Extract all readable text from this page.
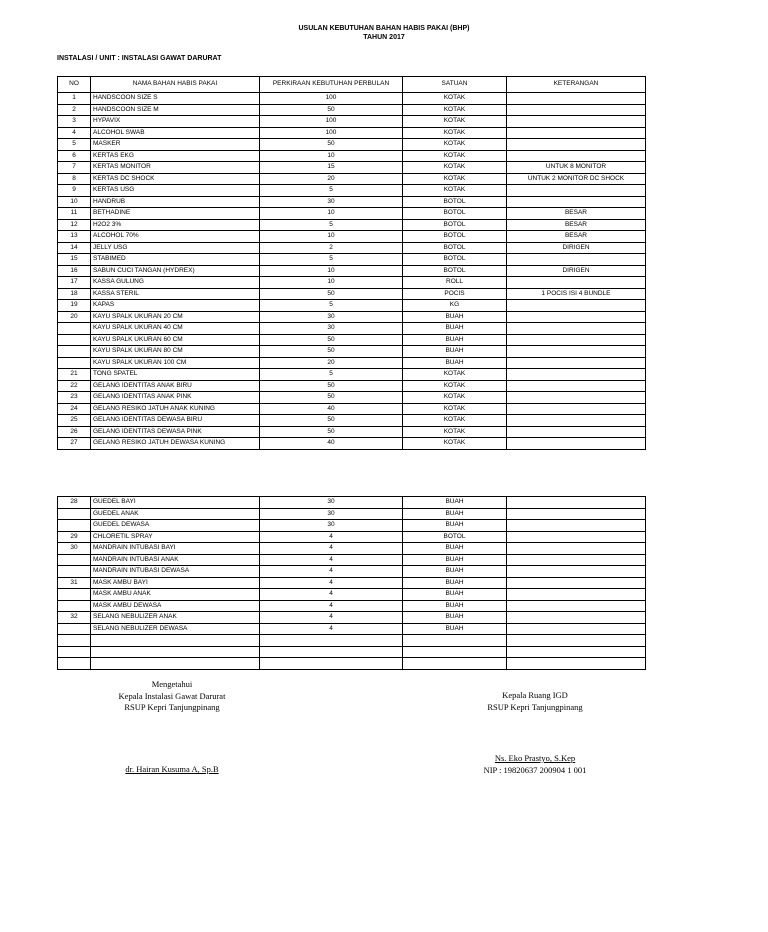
USULAN KEBUTUHAN BAHAN HABIS PAKAI (BHP)
TAHUN 2017
INSTALASI / UNIT : INSTALASI GAWAT DARURAT
NO	NAMA BAHAN HABIS PAKAI	PERKIRAAN KEBUTUHAN PERBULAN	SATUAN	KETERANGAN
1	HANDSCOON SIZE S	100	KOTAK	
2	HANDSCOON SIZE M	50	KOTAK	
3	HYPAVIX	100	KOTAK	
4	ALCOHOL SWAB	100	KOTAK	
5	MASKER	50	KOTAK	
6	KERTAS EKG	10	KOTAK	
7	KERTAS MONITOR	15	KOTAK	UNTUK 8 MONITOR
8	KERTAS DC SHOCK	20	KOTAK	UNTUK 2 MONITOR DC SHOCK
9	KERTAS USG	5	KOTAK	
10	HANDRUB	30	BOTOL	
11	BETHADINE	10	BOTOL	BESAR
12	H2O2 3%	5	BOTOL	BESAR
13	ALCOHOL 70%	10	BOTOL	BESAR
14	JELLY USG	2	BOTOL	DIRIGEN
15	STABIMED	5	BOTOL	
16	SABUN CUCI TANGAN (HYDREX)	10	BOTOL	DIRIGEN
17	KASSA GULUNG	10	ROLL	
18	KASSA STERIL	50	POCIS	1 POCIS ISI 4 BUNDLE
19	KAPAS	5	KG	
20	KAYU SPALK UKURAN 20 CM	30	BUAH	
	KAYU SPALK UKURAN 40 CM	30	BUAH	
	KAYU SPALK UKURAN 60 CM	50	BUAH	
	KAYU SPALK UKURAN 80 CM	50	BUAH	
	KAYU SPALK UKURAN 100 CM	20	BUAH	
21	TONG SPATEL	5	KOTAK	
22	GELANG IDENTITAS ANAK BIRU	50	KOTAK	
23	GELANG IDENTITAS ANAK PINK	50	KOTAK	
24	GELANG RESIKO JATUH ANAK KUNING	40	KOTAK	
25	GELANG IDENTITAS DEWASA BIRU	50	KOTAK	
26	GELANG IDENTITAS DEWASA PINK	50	KOTAK	
27	GELANG RESIKO JATUH DEWASA KUNING	40	KOTAK	
28	GUEDEL BAYI	30	BUAH	
	GUEDEL ANAK	30	BUAH	
	GUEDEL DEWASA	30	BUAH	
29	CHLORETIL SPRAY	4	BOTOL	
30	MANDRAIN INTUBASI BAYI	4	BUAH	
	MANDRAIN INTUBASI ANAK	4	BUAH	
	MANDRAIN INTUBASI DEWASA	4	BUAH	
31	MASK AMBU BAYI	4	BUAH	
	MASK AMBU ANAK	4	BUAH	
	MASK AMBU DEWASA	4	BUAH	
32	SELANG NEBULIZER ANAK	4	BUAH	
	SELANG NEBULIZER DEWASA	4	BUAH	

Mengetahui
Kepala Instalasi Gawat Darurat
RSUP Kepri Tanjungpinang
dr. Hairan Kusuma A, Sp.B
Kepala Ruang IGD
RSUP Kepri Tanjungpinang
Ns. Eko Prastyo, S.Kep
NIP : 19820637 200904 1 001
